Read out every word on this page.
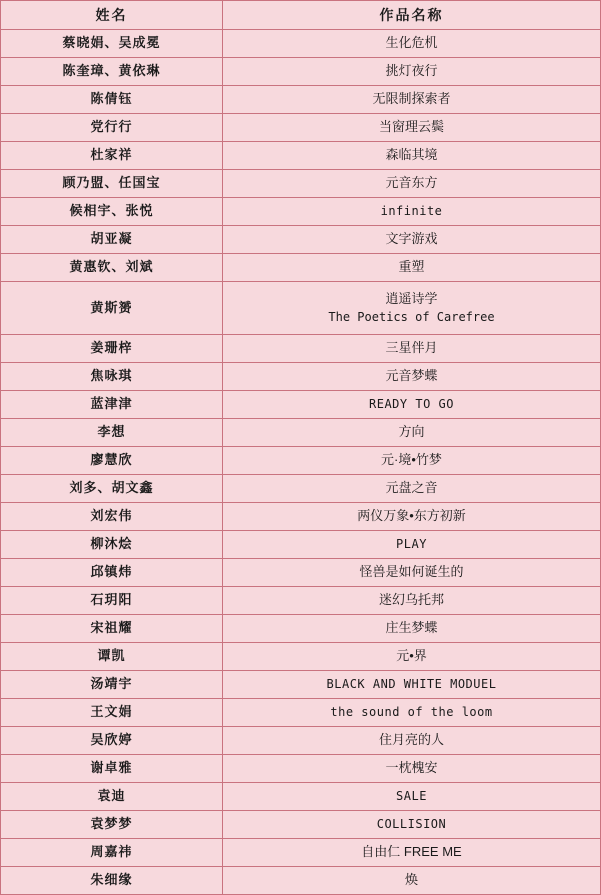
姓名	作品名称
蔡晓娟、吴成冕	生化危机
陈奎璋、黄依琳	挑灯夜行
陈倩钰	无限制探索者
党行行	当窗理云鬓
杜家祥	森临其境
顾乃盟、任国宝	元音东方
候相宇、张悦	infinite
胡亚凝	文字游戏
黄惠钦、刘斌	重塑
黄斯赟	逍遥诗学
The Poetics of Carefree

姜珊梓	三星伴月
焦咏琪	元音梦蝶
蓝津津	READY TO GO
李想	方向
廖慧欣	元·境•竹梦
刘多、胡文鑫	元盘之音
刘宏伟	两仪万象•东方初新
柳沐烩	PLAY
邱镇炜	怪兽是如何诞生的
石玥阳	迷幻乌托邦
宋祖耀	庄生梦蝶
谭凯	元•界
汤靖宇	BLACK AND WHITE MODUEL
王文娟	the sound of the loom
吴欣婷	住月亮的人
谢卓雅	一枕槐安
袁迪	SALE
袁梦梦	COLLISION
周嘉祎	自由仁 FREE ME
朱细缘	焕
